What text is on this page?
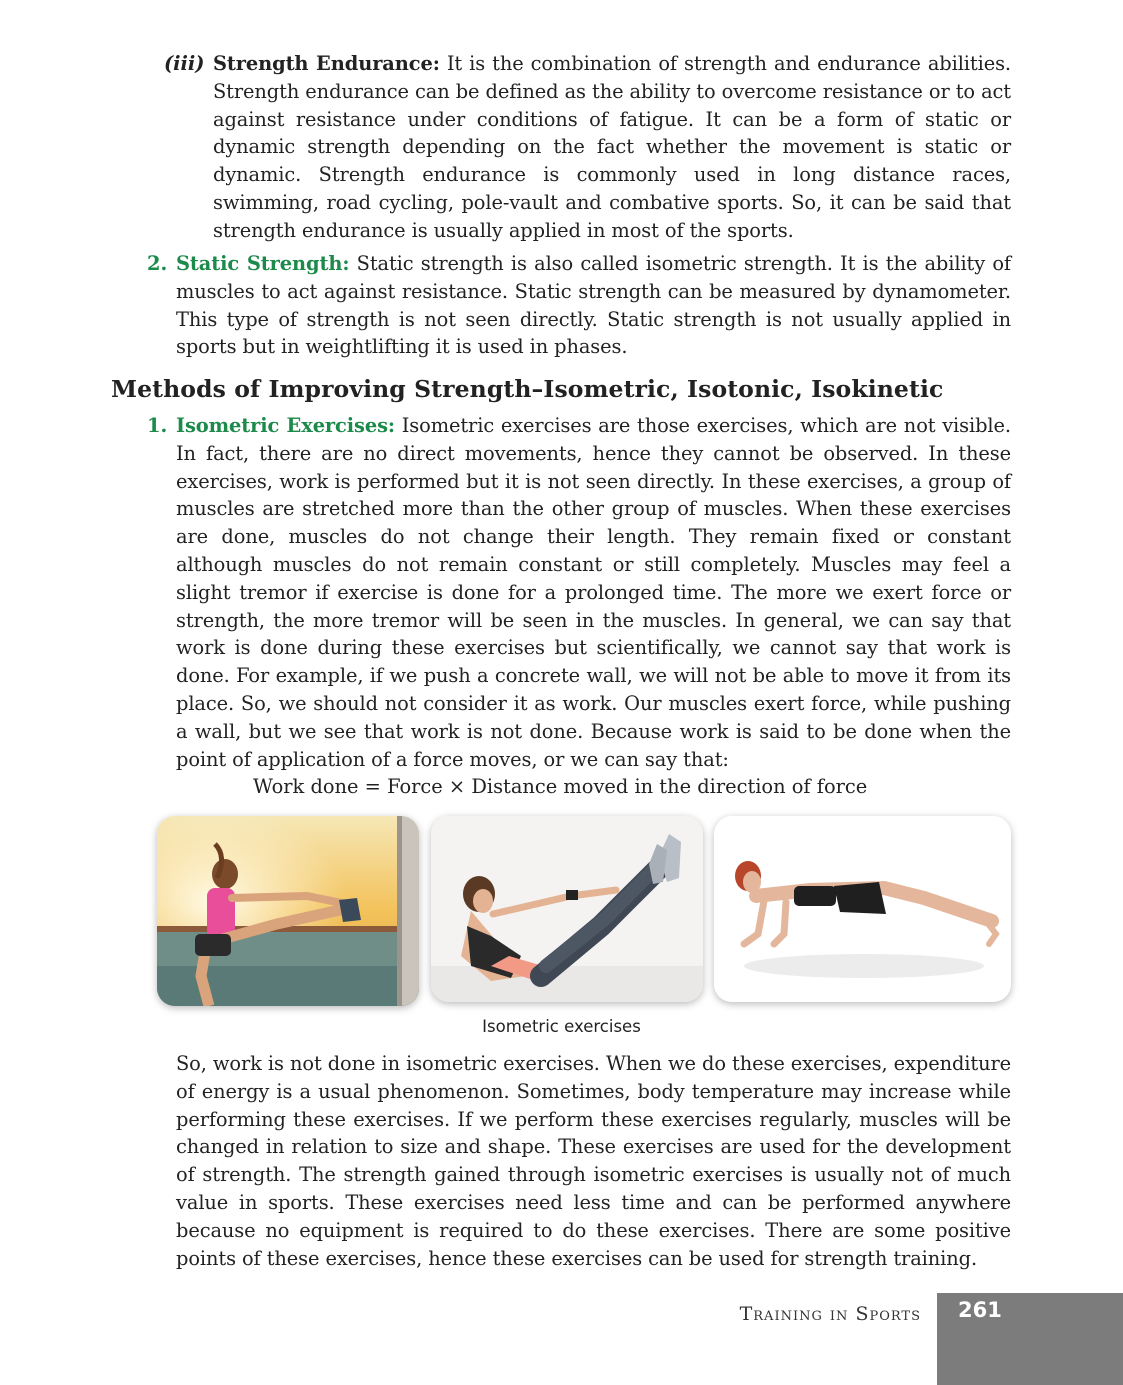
(iii) Strength Endurance: It is the combination of strength and endurance abilities. Strength endurance can be defined as the ability to overcome resistance or to act against resistance under conditions of fatigue. It can be a form of static or dynamic strength depending on the fact whether the movement is static or dynamic. Strength endurance is commonly used in long distance races, swimming, road cycling, pole-vault and combative sports. So, it can be said that strength endurance is usually applied in most of the sports.

2. Static Strength: Static strength is also called isometric strength. It is the ability of muscles to act against resistance. Static strength can be measured by dynamometer. This type of strength is not seen directly. Static strength is not usually applied in sports but in weightlifting it is used in phases.

Methods of Improving Strength–Isometric, Isotonic, Isokinetic
1. Isometric Exercises: Isometric exercises are those exercises, which are not visible. In fact, there are no direct movements, hence they cannot be observed. In these exercises, work is performed but it is not seen directly. In these exercises, a group of muscles are stretched more than the other group of muscles. When these exercises are done, muscles do not change their length. They remain fixed or constant although muscles do not remain constant or still completely. Muscles may feel a slight tremor if exercise is done for a prolonged time. The more we exert force or strength, the more tremor will be seen in the muscles. In general, we can say that work is done during these exercises but scientifically, we cannot say that work is done. For example, if we push a concrete wall, we will not be able to move it from its place. So, we should not consider it as work. Our muscles exert force, while pushing a wall, but we see that work is not done. Because work is said to be done when the point of application of a force moves, or we can say that:

Work done = Force × Distance moved in the direction of force

Isometric exercises

So, work is not done in isometric exercises. When we do these exercises, expenditure of energy is a usual phenomenon. Sometimes, body temperature may increase while performing these exercises. If we perform these exercises regularly, muscles will be changed in relation to size and shape. These exercises are used for the development of strength. The strength gained through isometric exercises is usually not of much value in sports. These exercises need less time and can be performed anywhere because no equipment is required to do these exercises. There are some positive points of these exercises, hence these exercises can be used for strength training.

Training in Sports 261
